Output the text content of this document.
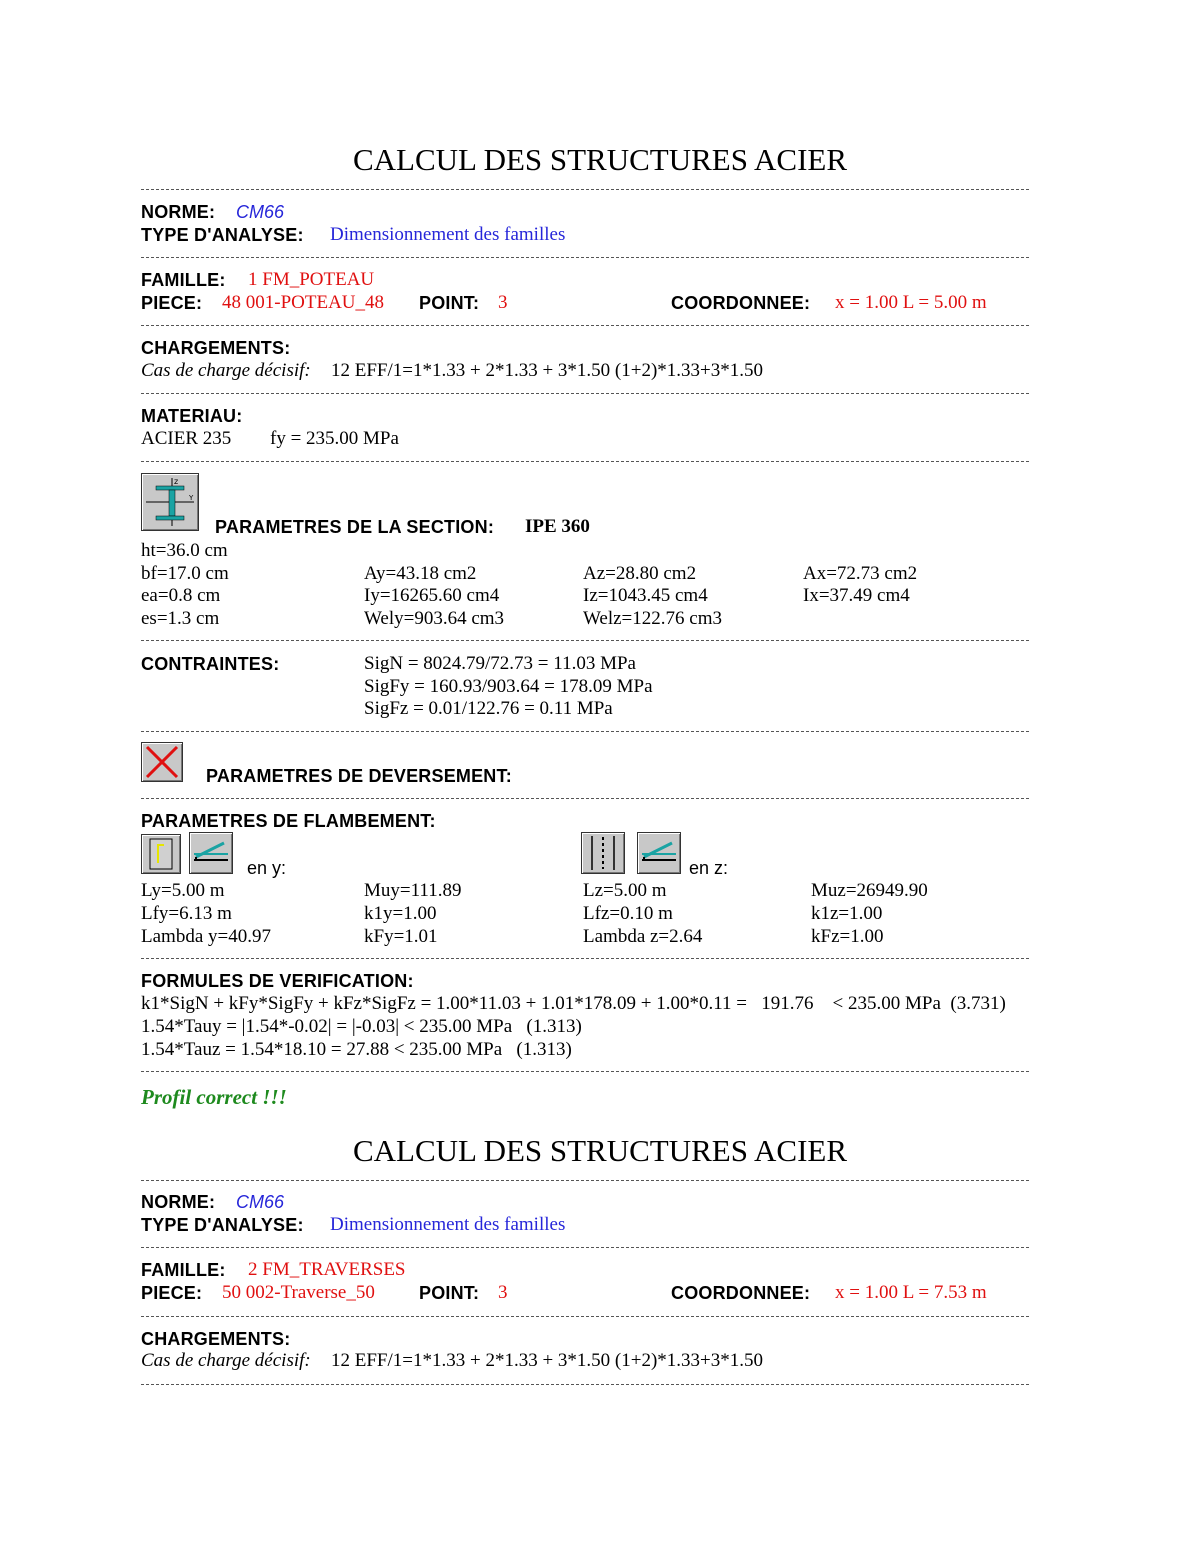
CALCUL DES STRUCTURES ACIER
NORME: CM66
TYPE D'ANALYSE: Dimensionnement des familles
FAMILLE: 1 FM_POTEAU
PIECE: 48 001-POTEAU_48 POINT: 3	COORDONNEE: x = 1.00 L = 5.00 m
CHARGEMENTS:
Cas de charge décisif: 12 EFF/1=1*1.33 + 2*1.33 + 3*1.50 (1+2)*1.33+3*1.50
MATERIAU:
ACIER 235 fy = 235.00 MPa
z
Y
PARAMETRES DE LA SECTION: IPE 360
ht=36.0 cm
bf=17.0 cm	Ay=43.18 cm2	Az=28.80 cm2	Ax=72.73 cm2
ea=0.8 cm	Iy=16265.60 cm4	Iz=1043.45 cm4	Ix=37.49 cm4
es=1.3 cm	Wely=903.64 cm3	Welz=122.76 cm3
CONTRAINTES:	SigN = 8024.79/72.73 = 11.03 MPa
SigFy = 160.93/903.64 = 178.09 MPa
SigFz = 0.01/122.76 = 0.11 MPa
PARAMETRES DE DEVERSEMENT:
PARAMETRES DE FLAMBEMENT:
en y:	en z:
Ly=5.00 m	Muy=111.89	Lz=5.00 m	Muz=26949.90
Lfy=6.13 m	k1y=1.00	Lfz=0.10 m	k1z=1.00
Lambda y=40.97	kFy=1.01	Lambda z=2.64	kFz=1.00
FORMULES DE VERIFICATION:
k1*SigN + kFy*SigFy + kFz*SigFz = 1.00*11.03 + 1.01*178.09 + 1.00*0.11 =   191.76    < 235.00 MPa  (3.731)
1.54*Tauy = |1.54*-0.02| = |-0.03| < 235.00 MPa   (1.313)
1.54*Tauz = 1.54*18.10 = 27.88 < 235.00 MPa   (1.313)
Profil correct !!!
CALCUL DES STRUCTURES ACIER
NORME: CM66
TYPE D'ANALYSE: Dimensionnement des familles
FAMILLE: 2 FM_TRAVERSES
PIECE: 50 002-Traverse_50 POINT: 3	COORDONNEE: x = 1.00 L = 7.53 m
CHARGEMENTS:
Cas de charge décisif: 12 EFF/1=1*1.33 + 2*1.33 + 3*1.50 (1+2)*1.33+3*1.50
